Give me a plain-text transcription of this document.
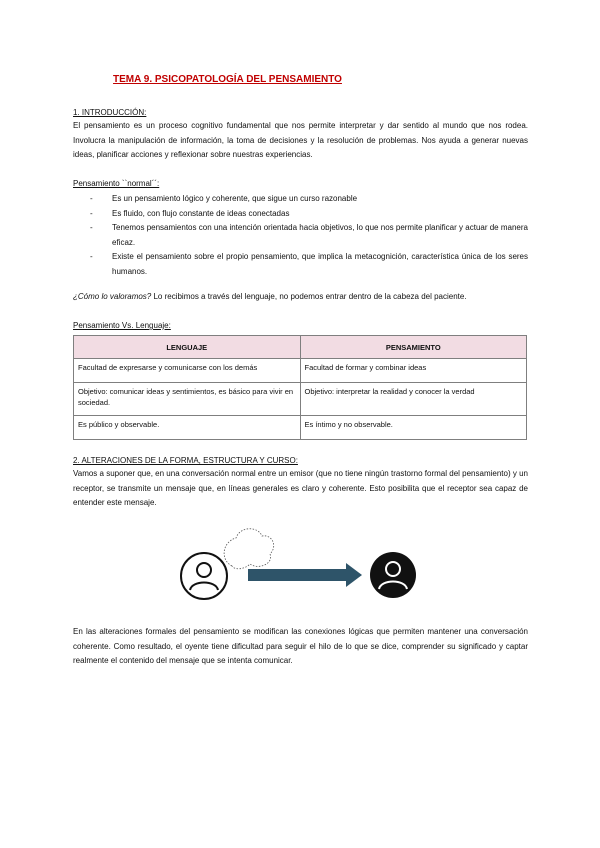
TEMA 9. PSICOPATOLOGÍA DEL PENSAMIENTO

1. INTRODUCCIÓN:

El pensamiento es un proceso cognitivo fundamental que nos permite interpretar y dar sentido al mundo que nos rodea. Involucra la manipulación de información, la toma de decisiones y la resolución de problemas. Nos ayuda a generar nuevas ideas, planificar acciones y reflexionar sobre nuestras experiencias.

Pensamiento ``normal´´:

- Es un pensamiento lógico y coherente, que sigue un curso razonable
- Es fluido, con flujo constante de ideas conectadas
- Tenemos pensamientos con una intención orientada hacia objetivos, lo que nos permite planificar y actuar de manera eficaz.
- Existe el pensamiento sobre el propio pensamiento, que implica la metacognición, característica única de los seres humanos.

¿Cómo lo valoramos? Lo recibimos a través del lenguaje, no podemos entrar dentro de la cabeza del paciente.

Pensamiento Vs. Lenguaje:

LENGUAJE	PENSAMIENTO
Facultad de expresarse y comunicarse con los demás	Facultad de formar y combinar ideas
Objetivo: comunicar ideas y sentimientos, es básico para vivir en sociedad.	Objetivo: interpretar la realidad y conocer la verdad
Es público y observable.	Es íntimo y no observable.

2. ALTERACIONES DE LA FORMA, ESTRUCTURA Y CURSO:

Vamos a suponer que, en una conversación normal entre un emisor (que no tiene ningún trastorno formal del pensamiento) y un receptor, se transmite un mensaje que, en líneas generales es claro y coherente. Esto posibilita que el receptor sea capaz de entender este mensaje.

En las alteraciones formales del pensamiento se modifican las conexiones lógicas que permiten mantener una conversación coherente. Como resultado, el oyente tiene dificultad para seguir el hilo de lo que se dice, comprender su significado y captar realmente el contenido del mensaje que se intenta comunicar.
